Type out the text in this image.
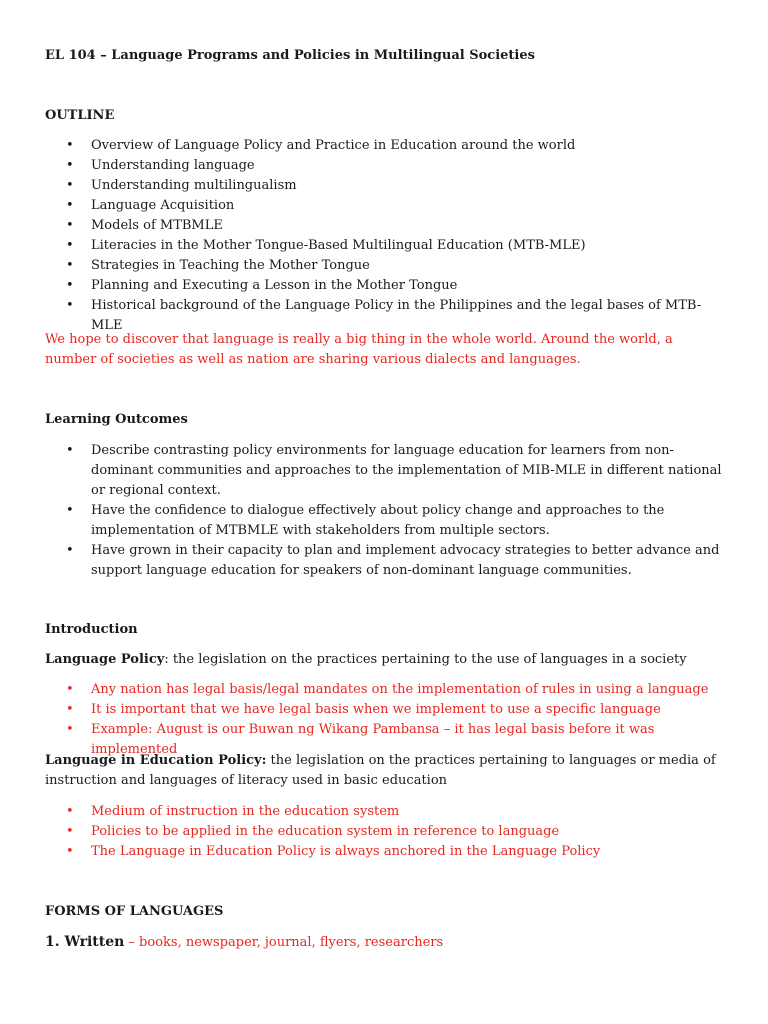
EL 104 – Language Programs and Policies in Multilingual Societies

OUTLINE

• Overview of Language Policy and Practice in Education around the world
• Understanding language
• Understanding multilingualism
• Language Acquisition
• Models of MTBMLE
• Literacies in the Mother Tongue-Based Multilingual Education (MTB-MLE)
• Strategies in Teaching the Mother Tongue
• Planning and Executing a Lesson in the Mother Tongue
• Historical background of the Language Policy in the Philippines and the legal bases of MTB-MLE

We hope to discover that language is really a big thing in the whole world. Around the world, a number of societies as well as nation are sharing various dialects and languages.

Learning Outcomes

• Describe contrasting policy environments for language education for learners from non-dominant communities and approaches to the implementation of MIB-MLE in different national or regional context.
• Have the confidence to dialogue effectively about policy change and approaches to the implementation of MTBMLE with stakeholders from multiple sectors.
• Have grown in their capacity to plan and implement advocacy strategies to better advance and support language education for speakers of non-dominant language communities.

Introduction

Language Policy: the legislation on the practices pertaining to the use of languages in a society

• Any nation has legal basis/legal mandates on the implementation of rules in using a language
• It is important that we have legal basis when we implement to use a specific language
• Example: August is our Buwan ng Wikang Pambansa – it has legal basis before it was implemented

Language in Education Policy: the legislation on the practices pertaining to languages or media of instruction and languages of literacy used in basic education

• Medium of instruction in the education system
• Policies to be applied in the education system in reference to language
• The Language in Education Policy is always anchored in the Language Policy

FORMS OF LANGUAGES

1. Written – books, newspaper, journal, flyers, researchers
